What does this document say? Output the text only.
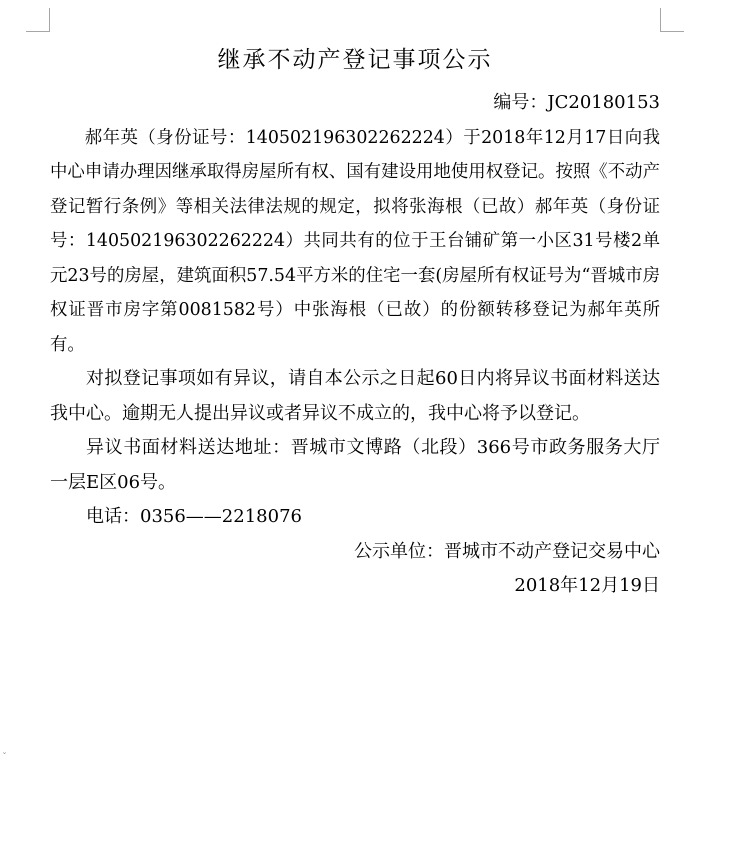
ˇ
继承不动产登记事项公示

编号：JC20180153

郝年英（身份证号：140502196302262224）于2018年12月17日向我中心申请办理因继承取得房屋所有权、国有建设用地使用权登记。按照《不动产登记暂行条例》等相关法律法规的规定，拟将张海根（已故）郝年英（身份证号：140502196302262224）共同共有的位于王台铺矿第一小区31号楼2单元23号的房屋，建筑面积57.54平方米的住宅一套(房屋所有权证号为“晋城市房权证晋市房字第0081582号）中张海根（已故）的份额转移登记为郝年英所有。

对拟登记事项如有异议，请自本公示之日起60日内将异议书面材料送达我中心。逾期无人提出异议或者异议不成立的，我中心将予以登记。

异议书面材料送达地址：晋城市文博路（北段）366号市政务服务大厅一层E区06号。

电话：0356——2218076

公示单位：晋城市不动产登记交易中心

2018年12月19日
